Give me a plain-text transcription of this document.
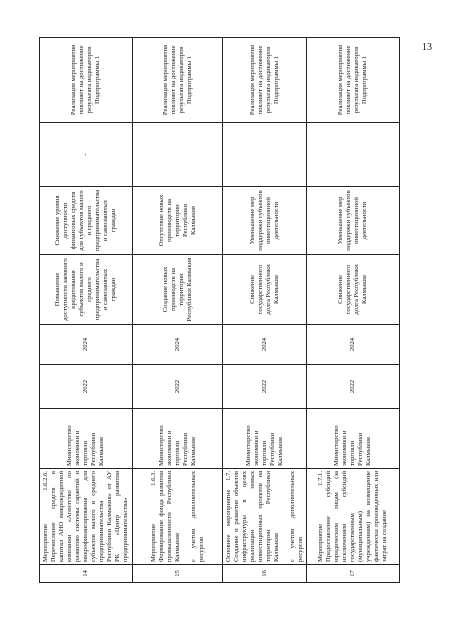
13
14	Мероприятие 1.6.2.6. Перечисление средств в капитал АНО микрокредитной компании «Агентство по развитию системы гарантий и микрофинансирования для субъектов малого и среднего предпринимательства Республики Калмыкия» от АУ РК «Центр развития предпринимательства»	Министерство экономики и торговли Республики Калмыкия	2022	2024	Повышение доступности заемного кредитования субъектов малого и среднего предпринимательства и самозанятых граждан	Снижение уровня доступности финансовых средств для субъектов малого и среднего предпринимательства и самозанятых граждан	-	Реализация мероприятия повлияет на достижение результата индикаторов Подпрограммы 1
15	Мероприятие 1.6.3. Формирование фонда развития промышленности Республики Калмыкия с учетом дополнительных ресурсов	Министерство экономики и торговли Республики Калмыкия	2022	2024	Создание новых производств на территории Республики Калмыкия	Отсутствие новых производств на территории Республики Калмыкия		Реализация мероприятия повлияет на достижение результата индикаторов Подпрограммы 1
16	Основное мероприятие 1.7. Создание и развитие объектов инфраструктуры в целях реализации новых инвестиционных проектов на территории Республики Калмыкия с учетом дополнительных ресурсов	Министерство экономики и торговли Республики Калмыкия	2022	2024	Снижение государственного долга Республики Калмыкия	Уменьшение мер поддержки субъектов инвестиционной деятельности		Реализация мероприятия повлияет на достижение результата индикаторов Подпрограммы 1
17	Мероприятие 1.7.1. Предоставление субсидий юридическим лицам (за исключением субсидий государственным (муниципальным) учреждениям) на возмещение фактически произведенных или затрат на создание	Министерство экономики и торговли Республики Калмыкия	2022	2024	Снижение государственного долга Республики Калмыкия	Уменьшение мер поддержки субъектов инвестиционной деятельности		Реализация мероприятия повлияет на достижение результата индикаторов Подпрограммы 1
